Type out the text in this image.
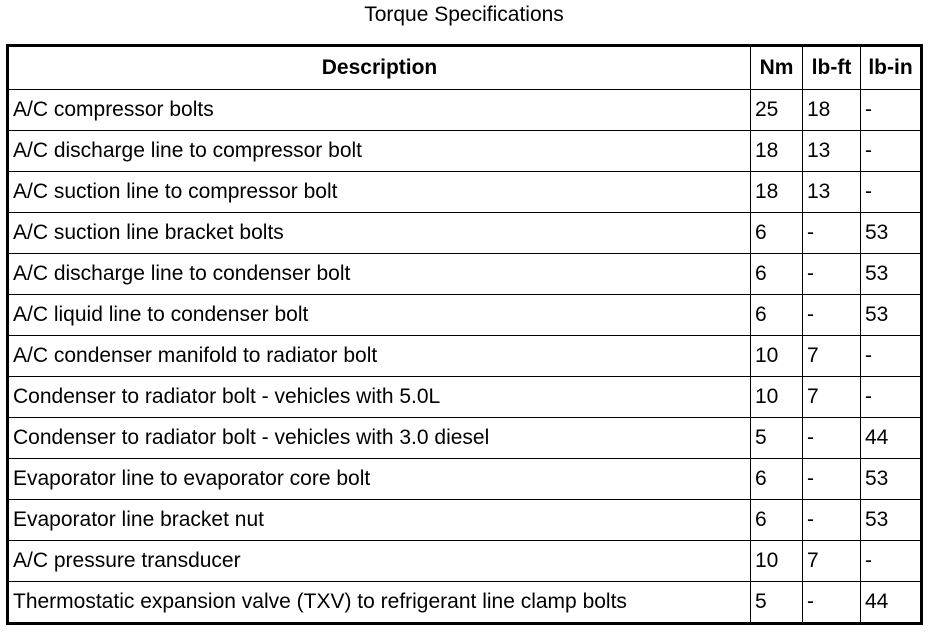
Torque Specifications
Description	Nm	lb-ft	lb-in
A/C compressor bolts	25	18	-
A/C discharge line to compressor bolt	18	13	-
A/C suction line to compressor bolt	18	13	-
A/C suction line bracket bolts	6	-	53
A/C discharge line to condenser bolt	6	-	53
A/C liquid line to condenser bolt	6	-	53
A/C condenser manifold to radiator bolt	10	7	-
Condenser to radiator bolt - vehicles with 5.0L	10	7	-
Condenser to radiator bolt - vehicles with 3.0 diesel	5	-	44
Evaporator line to evaporator core bolt	6	-	53
Evaporator line bracket nut	6	-	53
A/C pressure transducer	10	7	-
Thermostatic expansion valve (TXV) to refrigerant line clamp bolts	5	-	44
